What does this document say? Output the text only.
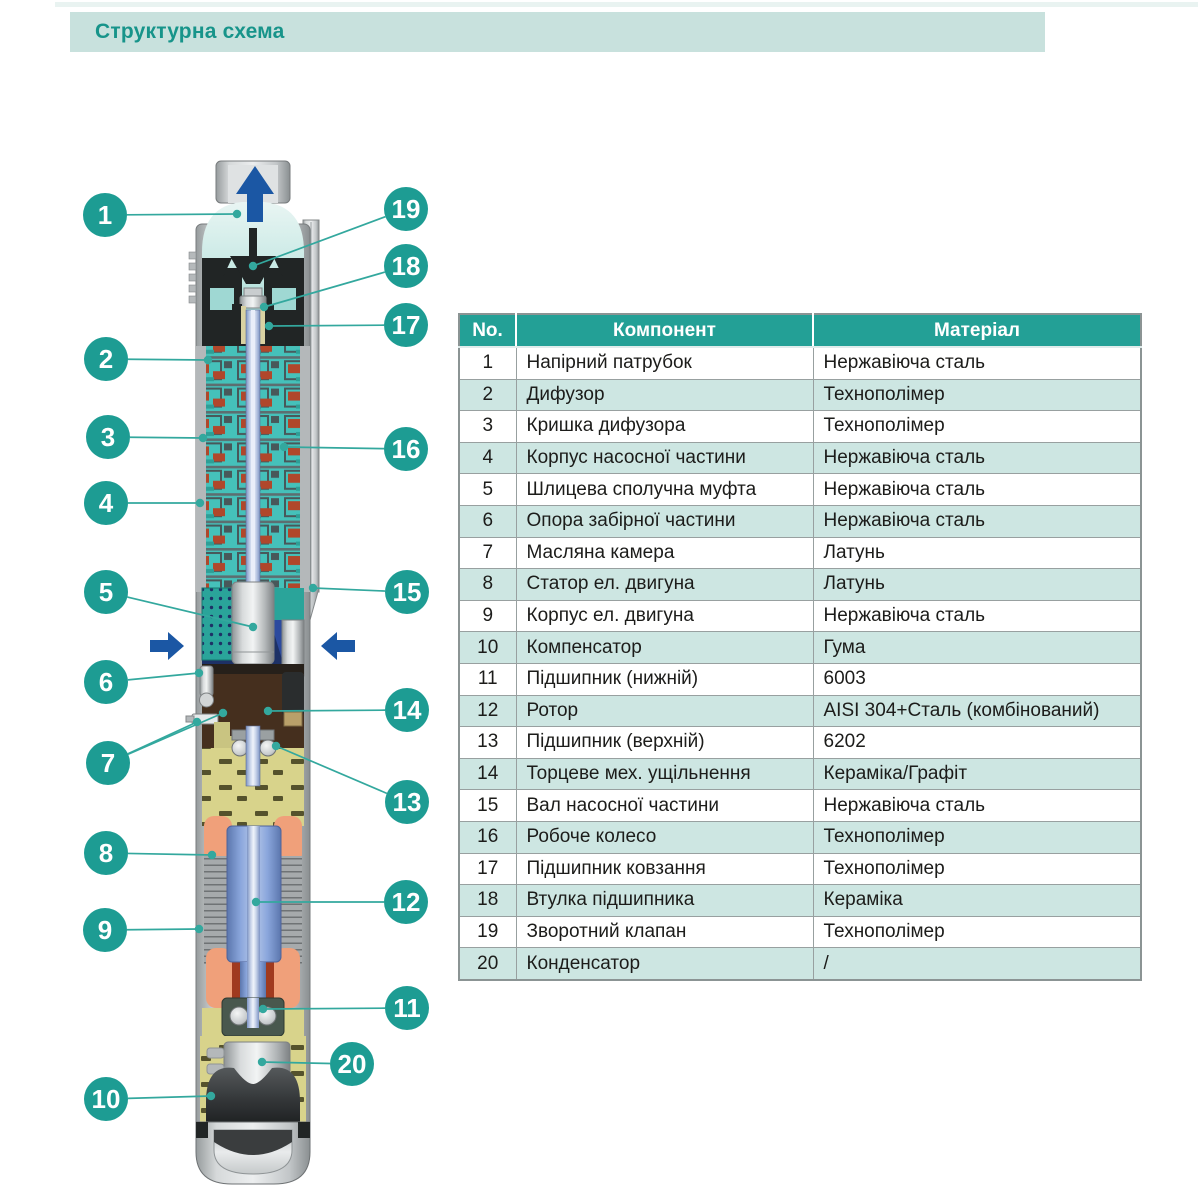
Структурна схема
1
2
3
4
5
6
7
8
9
10
11
12
13
14
15
16
17
18
19
20
No.	Компонент	Матеріал
1	Напірний патрубок	Нержавіюча сталь
2	Дифузор	Технополімер
3	Кришка дифузора	Технополімер
4	Корпус насосної частини	Нержавіюча сталь
5	Шлицева сполучна муфта	Нержавіюча сталь
6	Опора забірної частини	Нержавіюча сталь
7	Масляна камера	Латунь
8	Статор ел. двигуна	Латунь
9	Корпус ел. двигуна	Нержавіюча сталь
10	Компенсатор	Гума
11	Підшипник (нижній)	6003
12	Ротор	AISI 304+Сталь (комбінований)
13	Підшипник (верхній)	6202
14	Торцеве мех. ущільнення	Кераміка/Графіт
15	Вал насосної частини	Нержавіюча сталь
16	Робоче колесо	Технополімер
17	Підшипник ковзання	Технополімер
18	Втулка підшипника	Кераміка
19	Зворотний клапан	Технополімер
20	Конденсатор	/
